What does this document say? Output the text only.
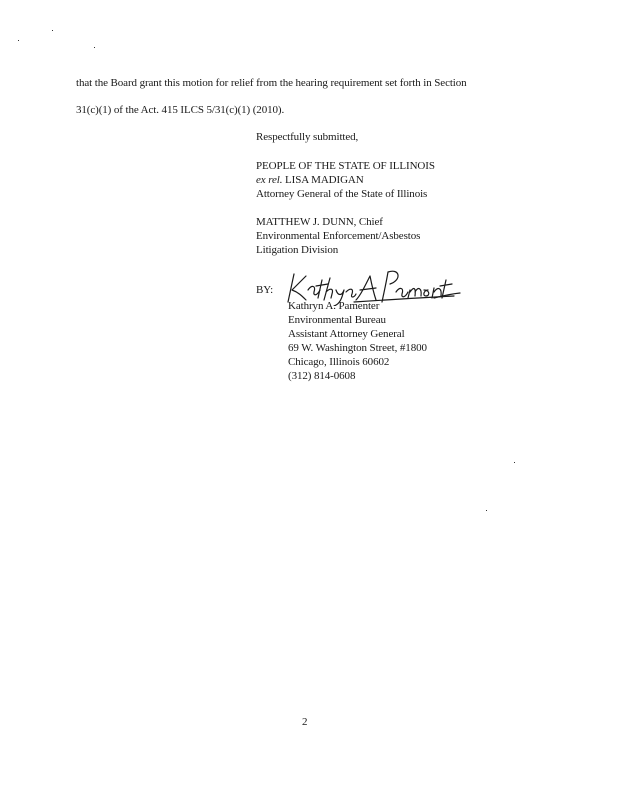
that the Board grant this motion for relief from the hearing requirement set forth in Section
31(c)(1) of the Act. 415 ILCS 5/31(c)(1) (2010).
Respectfully submitted,
PEOPLE OF THE STATE OF ILLINOIS
ex rel. LISA MADIGAN
Attorney General of the State of Illinois
MATTHEW J. DUNN, Chief
Environmental Enforcement/Asbestos
Litigation Division
BY:
Kathryn A. Pamenter
Environmental Bureau
Assistant Attorney General
69 W. Washington Street, #1800
Chicago, Illinois 60602
(312) 814-0608
2
